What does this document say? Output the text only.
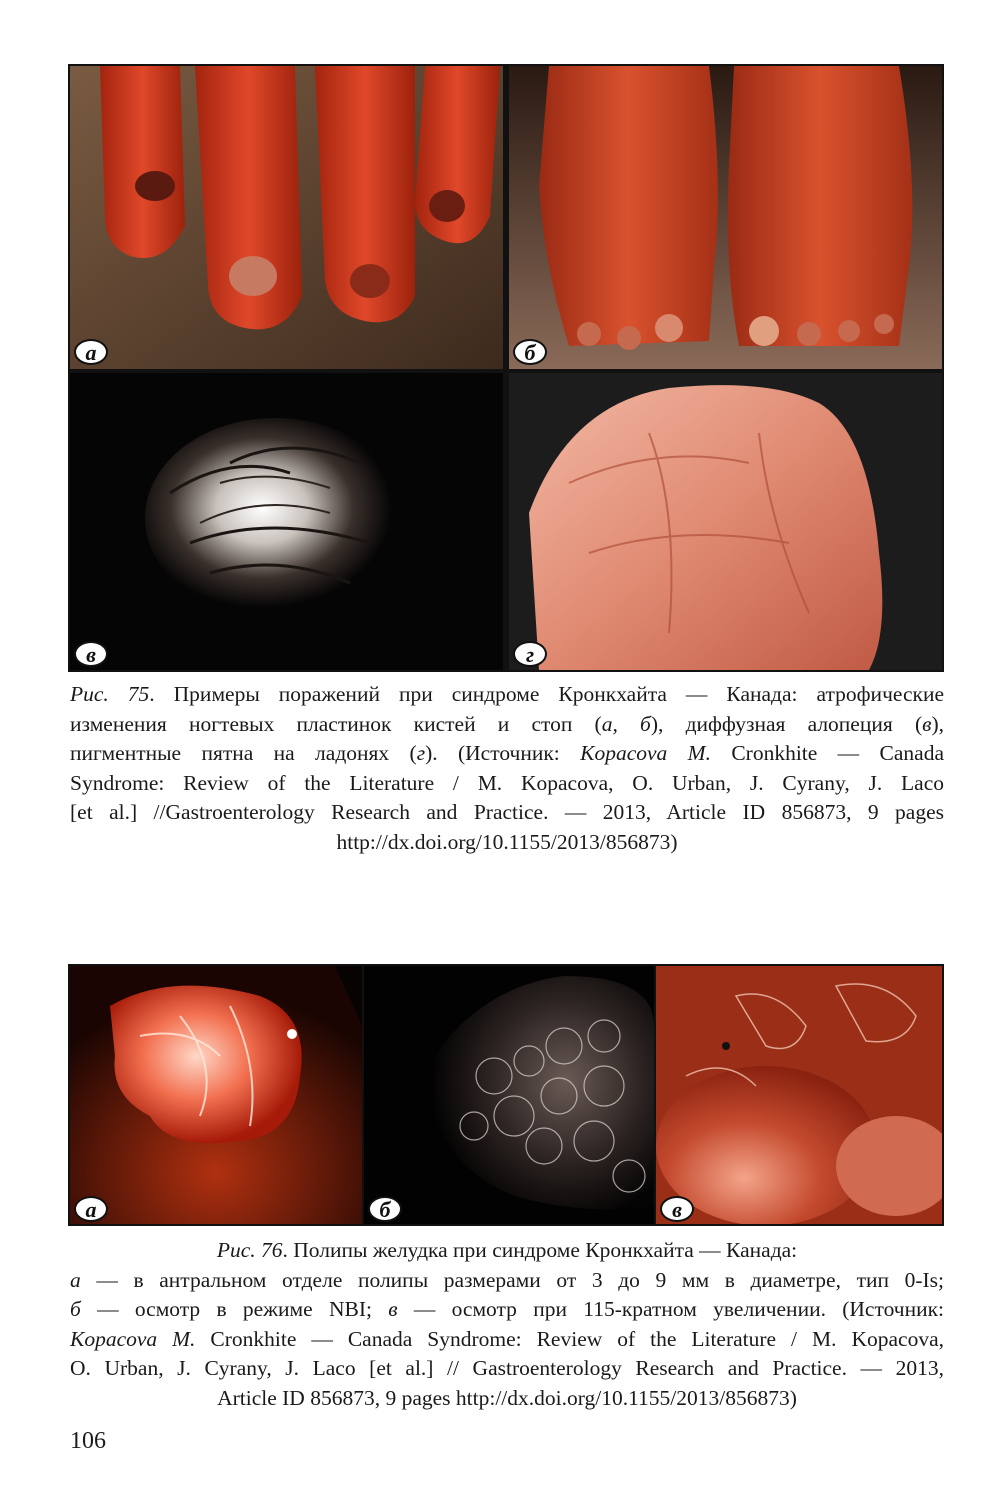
а	б
в	г
Рис. 75. Примеры поражений при синдроме Кронкхайта — Канада: атрофические
изменения ногтевых пластинок кистей и стоп (а, б), диффузная алопеция (в),
пигментные пятна на ладонях (г). (Источник: Kopacova M. Cronkhite — Canada
Syndrome: Review of the Literature / M. Kopacova, O. Urban, J. Cyrany, J. Laco
[et al.] //Gastroenterology Research and Practice. — 2013, Article ID 856873, 9 pages
http://dx.doi.org/10.1155/2013/856873)
а	б	в
Рис. 76. Полипы желудка при синдроме Кронкхайта — Канада:
а — в антральном отделе полипы размерами от 3 до 9 мм в диаметре, тип 0-Is;
б — осмотр в режиме NBI; в — осмотр при 115-кратном увеличении. (Источник:
Kopacova M. Cronkhite — Canada Syndrome: Review of the Literature / M. Kopacova,
O. Urban, J. Cyrany, J. Laco [et al.] // Gastroenterology Research and Practice. — 2013,
Article ID 856873, 9 pages http://dx.doi.org/10.1155/2013/856873)
106
